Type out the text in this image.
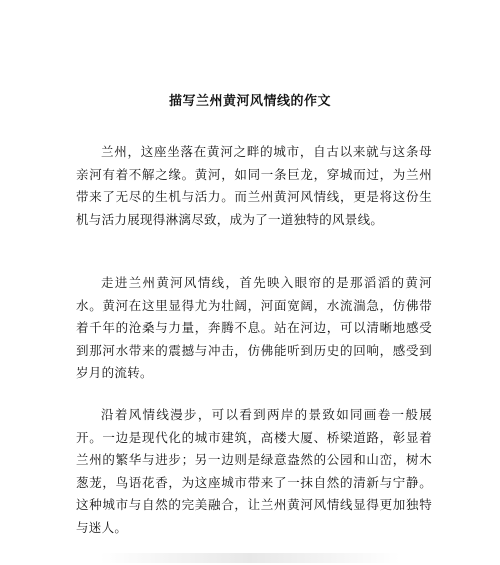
描写兰州黄河风情线的作文

兰州，这座坐落在黄河之畔的城市，自古以来就与这条母亲河有着不解之缘。黄河，如同一条巨龙，穿城而过，为兰州带来了无尽的生机与活力。而兰州黄河风情线，更是将这份生机与活力展现得淋漓尽致，成为了一道独特的风景线。

走进兰州黄河风情线，首先映入眼帘的是那滔滔的黄河水。黄河在这里显得尤为壮阔，河面宽阔，水流湍急，仿佛带着千年的沧桑与力量，奔腾不息。站在河边，可以清晰地感受到那河水带来的震撼与冲击，仿佛能听到历史的回响，感受到岁月的流转。

沿着风情线漫步，可以看到两岸的景致如同画卷一般展开。一边是现代化的城市建筑，高楼大厦、桥梁道路，彰显着兰州的繁华与进步；另一边则是绿意盎然的公园和山峦，树木葱茏，鸟语花香，为这座城市带来了一抹自然的清新与宁静。这种城市与自然的完美融合，让兰州黄河风情线显得更加独特与迷人。
